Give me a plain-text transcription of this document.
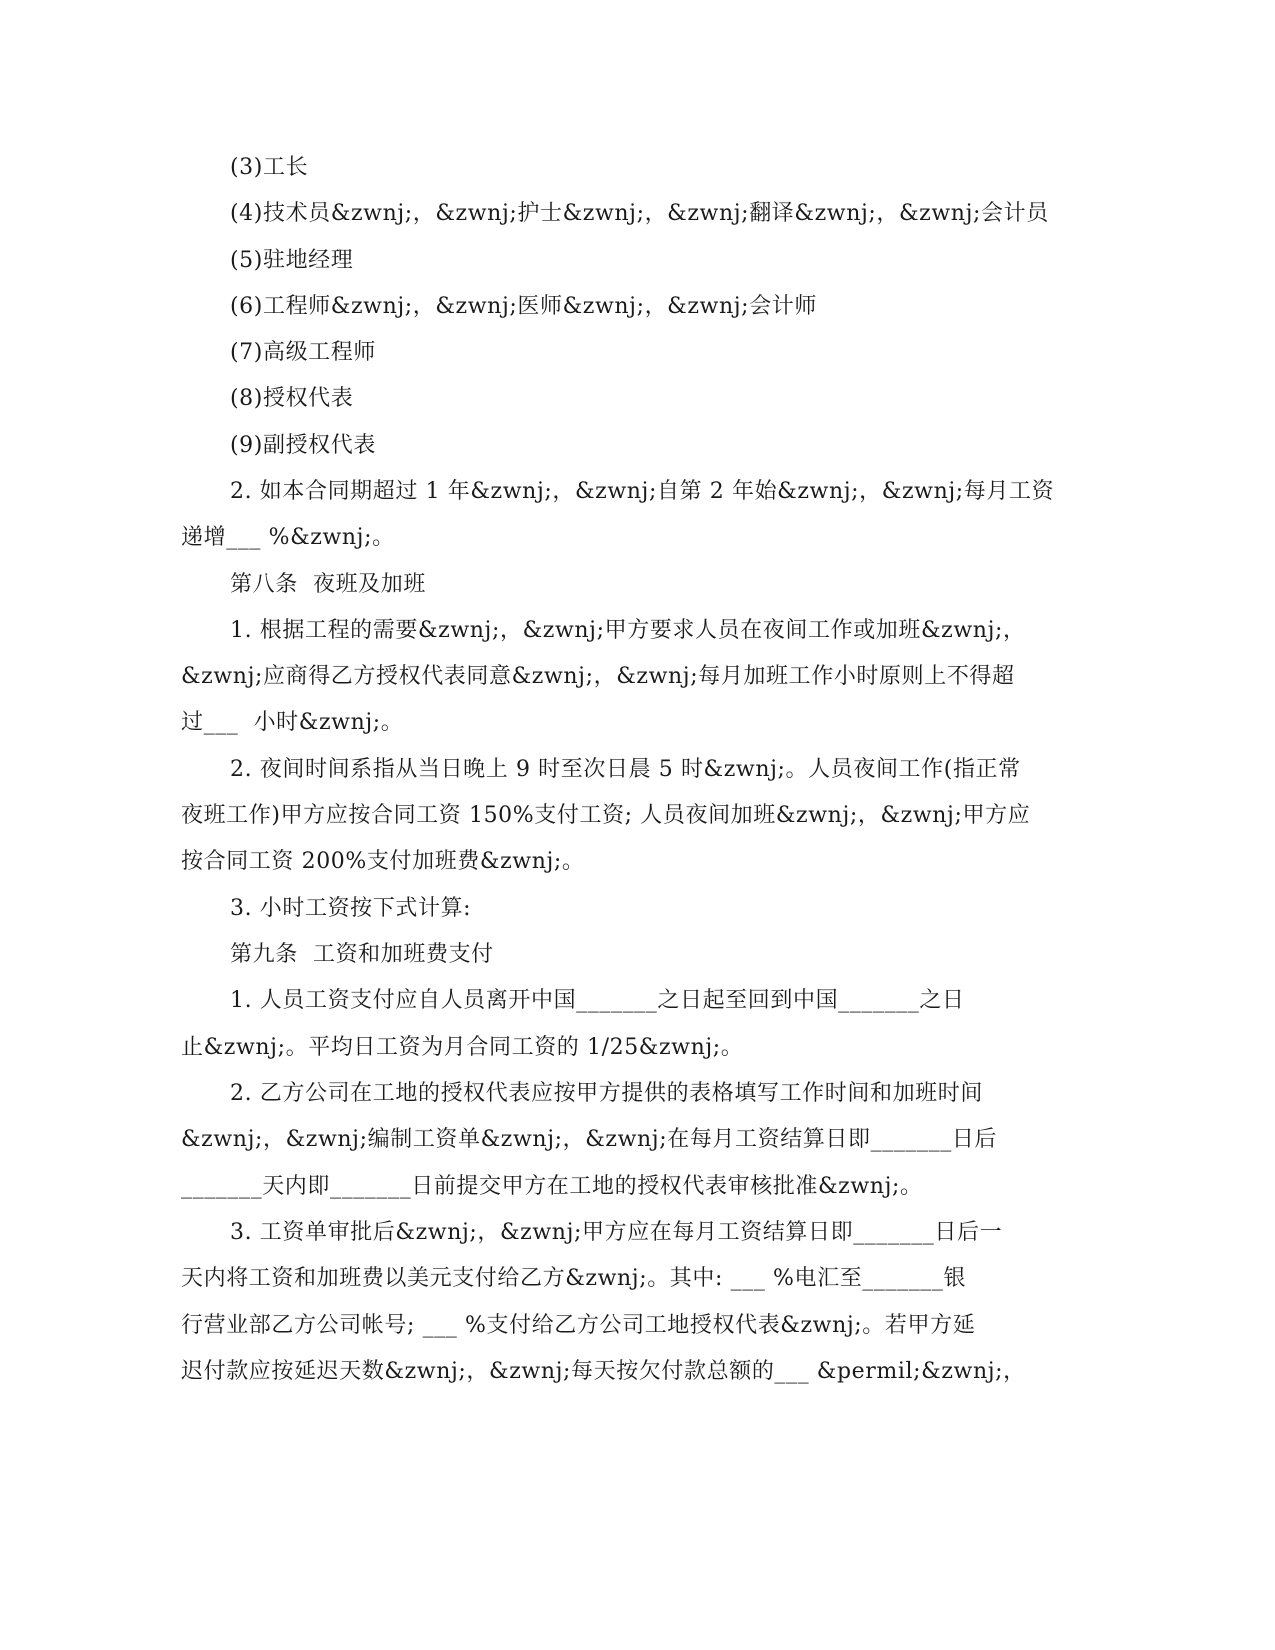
(3)工长
(4)技术员&zwnj;，&zwnj;护士&zwnj;，&zwnj;翻译&zwnj;，&zwnj;会计员
(5)驻地经理
(6)工程师&zwnj;，&zwnj;医师&zwnj;，&zwnj;会计师
(7)高级工程师
(8)授权代表
(9)副授权代表
2. 如本合同期超过 1 年&zwnj;，&zwnj;自第 2 年始&zwnj;，&zwnj;每月工资
递增___ %&zwnj;。
第八条  夜班及加班
1. 根据工程的需要&zwnj;，&zwnj;甲方要求人员在夜间工作或加班&zwnj;，
&zwnj;应商得乙方授权代表同意&zwnj;，&zwnj;每月加班工作小时原则上不得超
过___  小时&zwnj;。
2. 夜间时间系指从当日晚上 9 时至次日晨 5 时&zwnj;。人员夜间工作(指正常
夜班工作)甲方应按合同工资 150%支付工资; 人员夜间加班&zwnj;，&zwnj;甲方应
按合同工资 200%支付加班费&zwnj;。
3. 小时工资按下式计算:
第九条  工资和加班费支付
1. 人员工资支付应自人员离开中国_______之日起至回到中国_______之日
止&zwnj;。平均日工资为月合同工资的 1/25&zwnj;。
2. 乙方公司在工地的授权代表应按甲方提供的表格填写工作时间和加班时间
&zwnj;，&zwnj;编制工资单&zwnj;，&zwnj;在每月工资结算日即_______日后
_______天内即_______日前提交甲方在工地的授权代表审核批准&zwnj;。
3. 工资单审批后&zwnj;，&zwnj;甲方应在每月工资结算日即_______日后一
天内将工资和加班费以美元支付给乙方&zwnj;。其中: ___ %电汇至_______银
行营业部乙方公司帐号; ___ %支付给乙方公司工地授权代表&zwnj;。若甲方延
迟付款应按延迟天数&zwnj;，&zwnj;每天按欠付款总额的___ &permil;&zwnj;，
